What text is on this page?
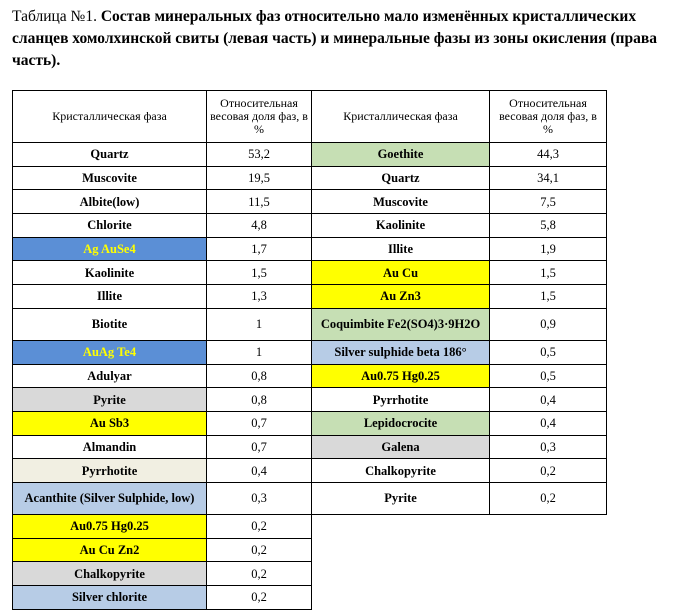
Таблица №1. Состав минеральных фаз относительно мало изменённых кристаллических сланцев хомолхинской свиты (левая часть) и минеральные фазы из зоны окисления (права часть).
Кристаллическая фаза	Относительная весовая доля фаз, в %	Кристаллическая фаза	Относительная весовая доля фаз, в %
Quartz	53,2	Goethite	44,3
Muscovite	19,5	Quartz	34,1
Albite(low)	11,5	Muscovite	7,5
Chlorite	4,8	Kaolinite	5,8
Ag AuSe4	1,7	Illite	1,9
Kaolinite	1,5	Au Cu	1,5
Illite	1,3	Au Zn3	1,5
Biotite	1	Coquimbite Fe2(SO4)3·9H2O	0,9
AuAg Te4	1	Silver sulphide beta 186°	0,5
Adulyar	0,8	Au0.75 Hg0.25	0,5
Pyrite	0,8	Pyrrhotite	0,4
Au Sb3	0,7	Lepidocrocite	0,4
Almandin	0,7	Galena	0,3
Pyrrhotite	0,4	Chalkopyrite	0,2
Acanthite (Silver Sulphide, low)	0,3	Pyrite	0,2
Au0.75 Hg0.25	0,2		
Au Cu Zn2	0,2		
Chalkopyrite	0,2		
Silver chlorite	0,2		
